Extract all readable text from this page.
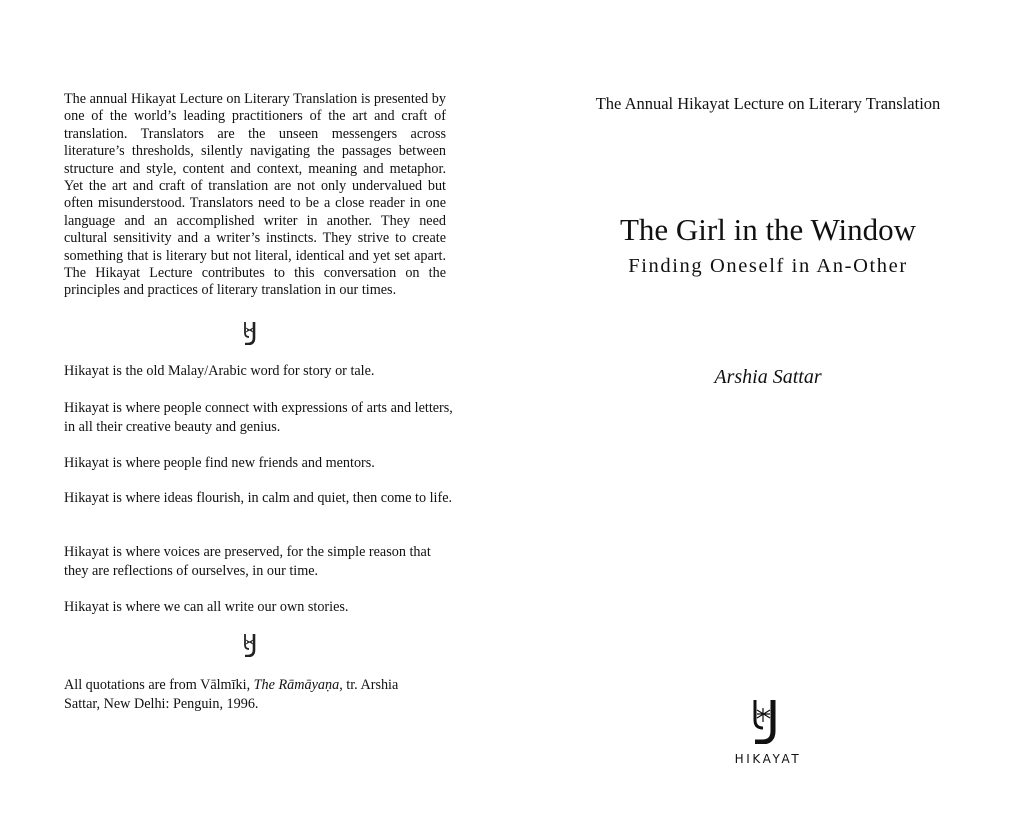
The annual Hikayat Lecture on Literary Translation is presented by one of the world’s leading practitioners of the art and craft of translation. Translators are the unseen messengers across literature’s thresholds, silently navigating the passages between structure and style, content and context, meaning and metaphor. Yet the art and craft of translation are not only undervalued but often misunderstood. Translators need to be a close reader in one language and an accomplished writer in another. They need cultural sensitivity and a writer’s instincts. They strive to create something that is literary but not literal, identical and yet set apart. The Hikayat Lecture contributes to this conversation on the principles and practices of literary translation in our times.

Hikayat is the old Malay/Arabic word for story or tale.

Hikayat is where people connect with expressions of arts and letters, in all their creative beauty and genius.

Hikayat is where people find new friends and mentors.

Hikayat is where ideas flourish, in calm and quiet, then come to life.

Hikayat is where voices are preserved, for the simple reason that they are reflections of ourselves, in our time.

Hikayat is where we can all write our own stories.

All quotations are from Vālmīki, The Rāmāyaṇa, tr. Arshia Sattar, New Delhi: Penguin, 1996.

The Annual Hikayat Lecture on Literary Translation

The Girl in the Window

Finding Oneself in An-Other

Arshia Sattar

HIKAYAT
